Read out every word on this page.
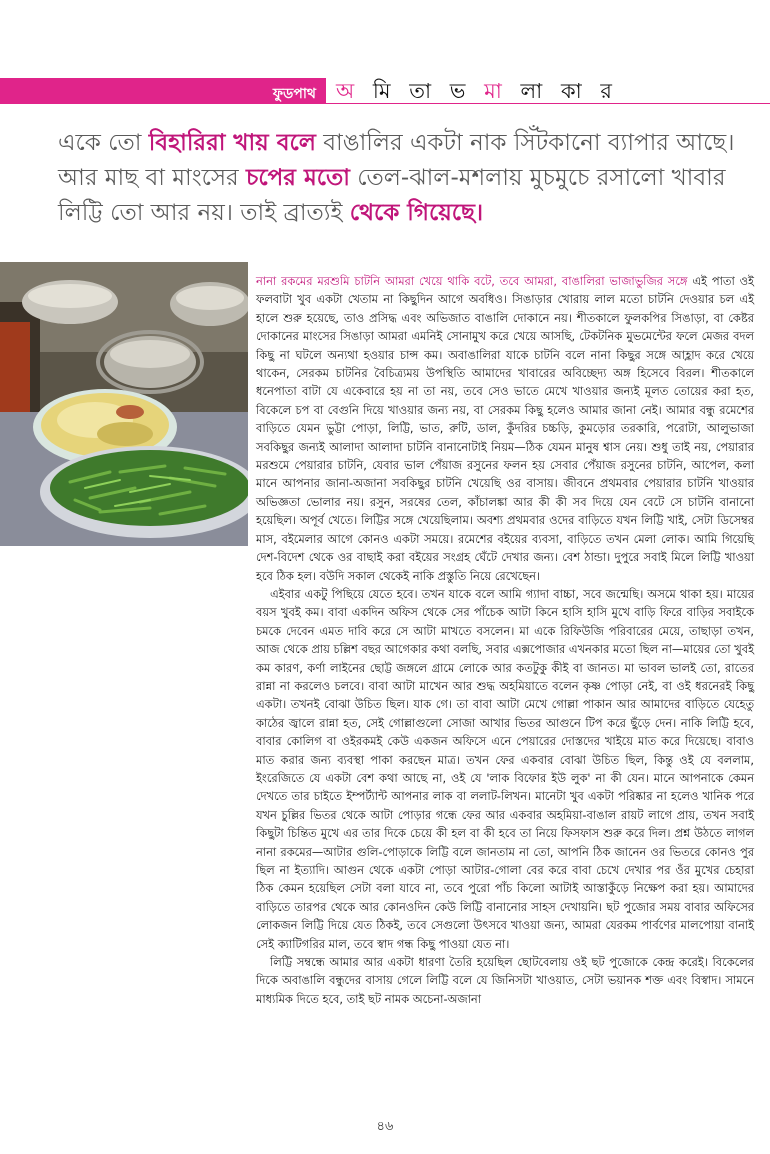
ফুডপাথ অ মি তা ভ মা লা কা র
একে তো বিহারিরা খায় বলে বাঙালির একটা নাক সিঁটকানো ব্যাপার আছে। আর মাছ বা মাংসের চপের মতো তেল-ঝাল-মশলায় মুচমুচে রসালো খাবার লিট্টি তো আর নয়। তাই ব্রাত্যই থেকে গিয়েছে।

নানা রকমের মরশুমি চাটনি আমরা খেয়ে থাকি বটে, তবে আমরা, বাঙালিরা ভাজাভুজির সঙ্গে এই পাতা ওই ফলবাটা খুব একটা খেতাম না কিছুদিন আগে অবধিও। সিঙাড়ার খোরায় লাল মতো চাটনি দেওয়ার চল এই হালে শুরু হয়েছে, তাও প্রসিদ্ধ এবং অভিজাত বাঙালি দোকানে নয়। শীতকালে ফুলকপির সিঙাড়া, বা কেষ্টর দোকানের মাংসের সিঙাড়া আমরা এমনিই সোনামুখ করে খেয়ে আসছি, টেকটনিক মুভমেন্টের ফলে মেজর বদল কিছু না ঘটলে অন্যথা হওয়ার চান্স কম। অবাঙালিরা যাকে চাটনি বলে নানা কিছুর সঙ্গে আহ্লাদ করে খেয়ে থাকেন, সেরকম চাটনির বৈচিত্র্যময় উপস্থিতি আমাদের খাবারের অবিচ্ছেদ্য অঙ্গ হিসেবে বিরল। শীতকালে ধনেপাতা বাটা যে একেবারে হয় না তা নয়, তবে সেও ভাতে মেখে খাওয়ার জন্যই মূলত তোয়ের করা হত, বিকেলে চপ বা বেগুনি দিয়ে খাওয়ার জন্য নয়, বা সেরকম কিছু হলেও আমার জানা নেই। আমার বন্ধু রমেশের বাড়িতে যেমন ভুট্টা পোড়া, লিট্টি, ভাত, রুটি, ডাল, কুঁদরির চচ্চড়ি, কুমড়োর তরকারি, পরোটা, আলুভাজা সবকিছুর জন্যই আলাদা আলাদা চাটনি বানানোটাই নিয়ম—ঠিক যেমন মানুষ শ্বাস নেয়। শুধু তাই নয়, পেয়ারার মরশুমে পেয়ারার চাটনি, যেবার ভাল পেঁয়াজ রসুনের ফলন হয় সেবার পেঁয়াজ রসুনের চাটনি, আপেল, কলা মানে আপনার জানা-অজানা সবকিছুর চাটনি খেয়েছি ওর বাসায়। জীবনে প্রথমবার পেয়ারার চাটনি খাওয়ার অভিজ্ঞতা ভোলার নয়। রসুন, সরষের তেল, কাঁচালঙ্কা আর কী কী সব দিয়ে যেন বেটে সে চাটনি বানানো হয়েছিল। অপূর্ব খেতে। লিট্টির সঙ্গে খেয়েছিলাম। অবশ্য প্রথমবার ওদের বাড়িতে যখন লিট্টি খাই, সেটা ডিসেম্বর মাস, বইমেলার আগে কোনও একটা সময়ে। রমেশের বইয়ের ব্যবসা, বাড়িতে তখন মেলা লোক। আমি গিয়েছি দেশ-বিদেশ থেকে ওর বাছাই করা বইয়ের সংগ্রহ ঘেঁটে দেখার জন্য। বেশ ঠান্ডা। দুপুরে সবাই মিলে লিট্টি খাওয়া হবে ঠিক হল। বউদি সকাল থেকেই নাকি প্রস্তুতি নিয়ে রেখেছেন।

এইবার একটু পিছিয়ে যেতে হবে। তখন যাকে বলে আমি গ্যাদা বাচ্চা, সবে জন্মেছি। অসমে থাকা হয়। মায়ের বয়স খুবই কম। বাবা একদিন অফিস থেকে সের পাঁচেক আটা কিনে হাসি হাসি মুখে বাড়ি ফিরে বাড়ির সবাইকে চমকে দেবেন এমত দাবি করে সে আটা মাখতে বসলেন। মা একে রিফিউজি পরিবারের মেয়ে, তাছাড়া তখন, আজ থেকে প্রায় চল্লিশ বছর আগেকার কথা বলছি, সবার এক্সপোজার এখনকার মতো ছিল না—মায়ের তো খুবই কম কারণ, কর্ণা লাইনের ছোট্ট জঙ্গলে গ্রামে লোকে আর কতটুকু কীই বা জানত। মা ভাবল ভালই তো, রাতের রান্না না করলেও চলবে। বাবা আটা মাখেন আর শুদ্ধ অহমিয়াতে বলেন কৃষ্ণ পোড়া নেই, বা ওই ধরনেরই কিছু একটা। তখনই বোঝা উচিত ছিল। যাক গে। তা বাবা আটা মেখে গোল্লা পাকান আর আমাদের বাড়িতে যেহেতু কাঠের জ্বালে রান্না হত, সেই গোল্লাগুলো সোজা আখার ভিতর আগুনে টিপ করে ছুঁড়ে দেন। নাকি লিট্টি হবে, বাবার কোলিগ বা ওইরকমই কেউ একজন অফিসে এনে পেয়ারের দোস্তদের খাইয়ে মাত করে দিয়েছে। বাবাও মাত করার জন্য ব্যবস্থা পাকা করছেন মাত্র। তখন ফের একবার বোঝা উচিত ছিল, কিন্তু ওই যে বললাম, ইংরেজিতে যে একটা বেশ কথা আছে না, ওই যে 'লাক বিফোর ইউ লুক' না কী যেন। মানে আপনাকে কেমন দেখতে তার চাইতে ইম্পর্ট্যান্ট আপনার লাক বা ললাট-লিখন। মানেটা খুব একটা পরিষ্কার না হলেও খানিক পরে যখন চুল্লির ভিতর থেকে আটা পোড়ার গন্ধে ফের আর একবার অহমিয়া-বাঙাল রায়ট লাগে প্রায়, তখন সবাই কিছুটা চিন্তিত মুখে এর তার দিকে চেয়ে কী হল বা কী হবে তা নিয়ে ফিসফাস শুরু করে দিল। প্রশ্ন উঠতে লাগল নানা রকমের—আটার গুলি-পোড়াকে লিট্টি বলে জানতাম না তো, আপনি ঠিক জানেন ওর ভিতরে কোনও পুর ছিল না ইত্যাদি। আগুন থেকে একটা পোড়া আটার-গোলা বের করে বাবা চেখে দেখার পর ওঁর মুখের চেহারা ঠিক কেমন হয়েছিল সেটা বলা যাবে না, তবে পুরো পাঁচ কিলো আটাই আস্তাকুঁড়ে নিক্ষেপ করা হয়। আমাদের বাড়িতে তারপর থেকে আর কোনওদিন কেউ লিট্টি বানানোর সাহস দেখায়নি। ছট পুজোর সময় বাবার অফিসের লোকজন লিট্টি দিয়ে যেত ঠিকই, তবে সেগুলো উৎসবে খাওয়া জন্য, আমরা যেরকম পার্বণের মালপোয়া বানাই সেই ক্যাটিগরির মাল, তবে স্বাদ গন্ধ কিছু পাওয়া যেত না।

লিট্টি সম্বন্ধে আমার আর একটা ধারণা তৈরি হয়েছিল ছোটবেলায় ওই ছট পুজোকে কেন্দ্র করেই। বিকেলের দিকে অবাঙালি বন্ধুদের বাসায় গেলে লিট্টি বলে যে জিনিসটা খাওয়াত, সেটা ভয়ানক শক্ত এবং বিস্বাদ। সামনে মাধ্যমিক দিতে হবে, তাই ছট নামক অচেনা-অজানা

৪৬
